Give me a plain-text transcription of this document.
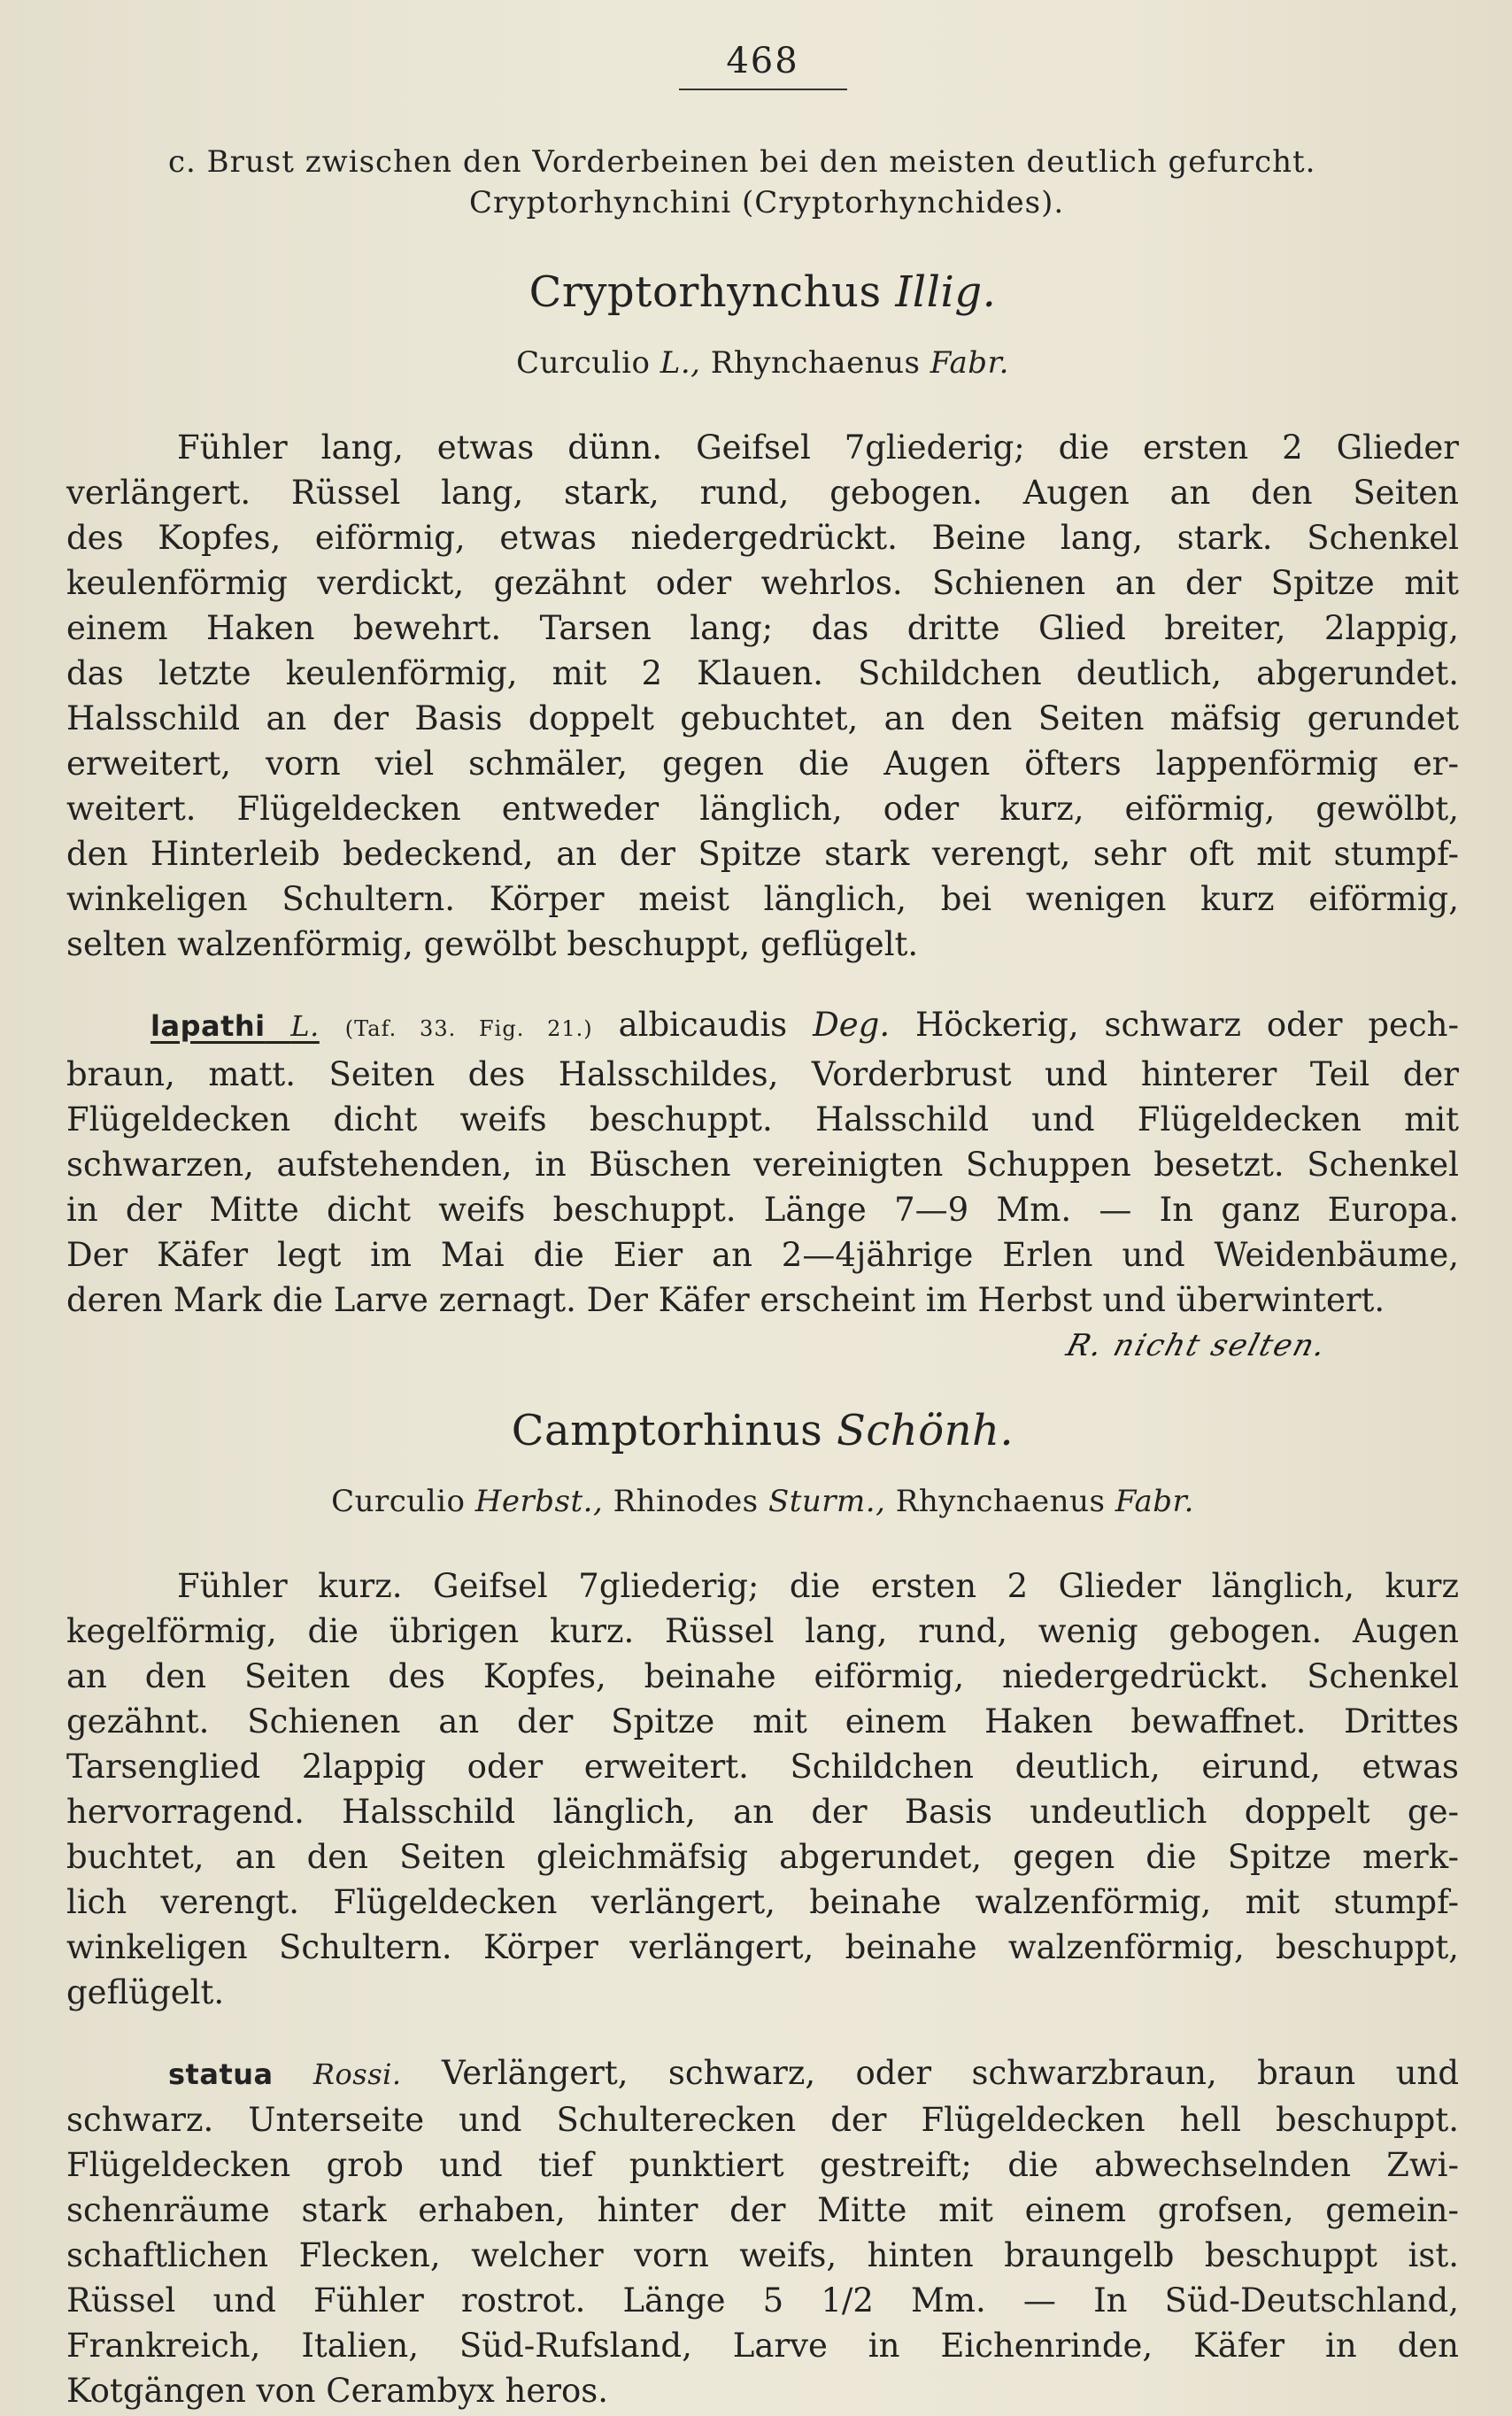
468
c. Brust zwischen den Vorderbeinen bei den meisten deutlich gefurcht.
Cryptorhynchini (Cryptorhynchides).
Cryptorhynchus Illig.
Curculio L., Rhynchaenus Fabr.

Fühler lang, etwas dünn. Geifsel 7gliederig; die ersten 2 Glieder

verlängert. Rüssel lang, stark, rund, gebogen. Augen an den Seiten

des Kopfes, eiförmig, etwas niedergedrückt. Beine lang, stark. Schenkel

keulenförmig verdickt, gezähnt oder wehrlos. Schienen an der Spitze mit

einem Haken bewehrt. Tarsen lang; das dritte Glied breiter, 2lappig,

das letzte keulenförmig, mit 2 Klauen. Schildchen deutlich, abgerundet.

Halsschild an der Basis doppelt gebuchtet, an den Seiten mäfsig gerundet

erweitert, vorn viel schmäler, gegen die Augen öfters lappenförmig er-

weitert. Flügeldecken entweder länglich, oder kurz, eiförmig, gewölbt,

den Hinterleib bedeckend, an der Spitze stark verengt, sehr oft mit stumpf-

winkeligen Schultern. Körper meist länglich, bei wenigen kurz eiförmig,

selten walzenförmig, gewölbt beschuppt, geflügelt.

lapathi L. (Taf. 33. Fig. 21.) albicaudis Deg. Höckerig, schwarz oder pech-

braun, matt. Seiten des Halsschildes, Vorderbrust und hinterer Teil der

Flügeldecken dicht weifs beschuppt. Halsschild und Flügeldecken mit

schwarzen, aufstehenden, in Büschen vereinigten Schuppen besetzt. Schenkel

in der Mitte dicht weifs beschuppt. Länge 7—9 Mm. — In ganz Europa.

Der Käfer legt im Mai die Eier an 2—4jährige Erlen und Weidenbäume,

deren Mark die Larve zernagt. Der Käfer erscheint im Herbst und überwintert.

R. nicht selten.
Camptorhinus Schönh.
Curculio Herbst., Rhinodes Sturm., Rhynchaenus Fabr.

Fühler kurz. Geifsel 7gliederig; die ersten 2 Glieder länglich, kurz

kegelförmig, die übrigen kurz. Rüssel lang, rund, wenig gebogen. Augen

an den Seiten des Kopfes, beinahe eiförmig, niedergedrückt. Schenkel

gezähnt. Schienen an der Spitze mit einem Haken bewaffnet. Drittes

Tarsenglied 2lappig oder erweitert. Schildchen deutlich, eirund, etwas

hervorragend. Halsschild länglich, an der Basis undeutlich doppelt ge-

buchtet, an den Seiten gleichmäfsig abgerundet, gegen die Spitze merk-

lich verengt. Flügeldecken verlängert, beinahe walzenförmig, mit stumpf-

winkeligen Schultern. Körper verlängert, beinahe walzenförmig, beschuppt,

geflügelt.

statua Rossi. Verlängert, schwarz, oder schwarzbraun, braun und

schwarz. Unterseite und Schulterecken der Flügeldecken hell beschuppt.

Flügeldecken grob und tief punktiert gestreift; die abwechselnden Zwi-

schenräume stark erhaben, hinter der Mitte mit einem grofsen, gemein-

schaftlichen Flecken, welcher vorn weifs, hinten braungelb beschuppt ist.

Rüssel und Fühler rostrot. Länge 5 1/2 Mm. — In Süd-Deutschland,

Frankreich, Italien, Süd-Rufsland, Larve in Eichenrinde, Käfer in den

Kotgängen von Cerambyx heros.
